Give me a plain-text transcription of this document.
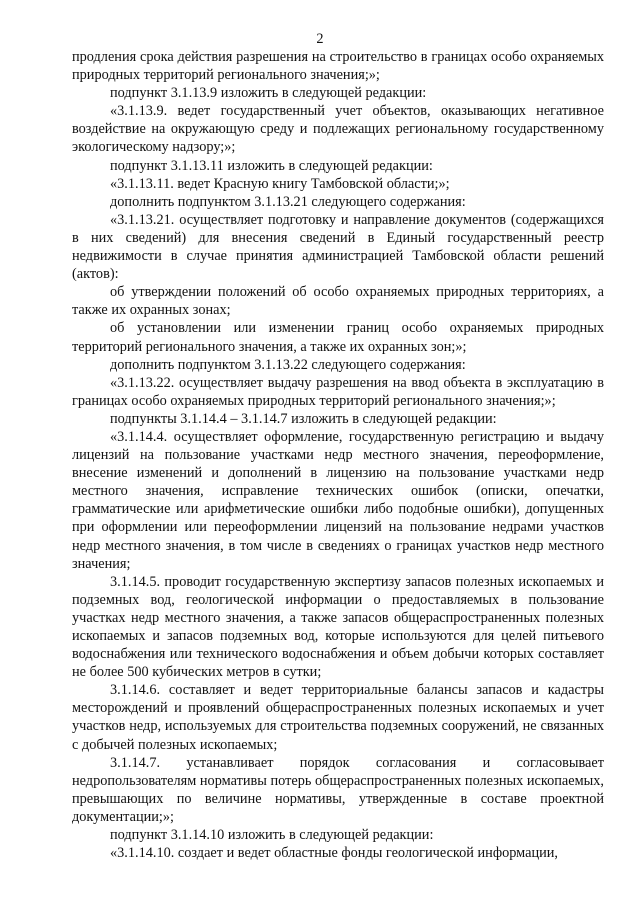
2

продления срока действия разрешения на строительство в границах особо охраняемых природных территорий регионального значения;»;

подпункт 3.1.13.9 изложить в следующей редакции:

«3.1.13.9. ведет государственный учет объектов, оказывающих негативное воздействие на окружающую среду и подлежащих региональному государственному экологическому надзору;»;

подпункт 3.1.13.11 изложить в следующей редакции:

«3.1.13.11. ведет Красную книгу Тамбовской области;»;

дополнить подпунктом 3.1.13.21 следующего содержания:

«3.1.13.21. осуществляет подготовку и направление документов (содержащихся в них сведений) для внесения сведений в Единый государственный реестр недвижимости в случае принятия администрацией Тамбовской области решений (актов):

об утверждении положений об особо охраняемых природных территориях, а также их охранных зонах;

об установлении или изменении границ особо охраняемых природных территорий регионального значения, а также их охранных зон;»;

дополнить подпунктом 3.1.13.22 следующего содержания:

«3.1.13.22. осуществляет выдачу разрешения на ввод объекта в эксплуатацию в границах особо охраняемых природных территорий регионального значения;»;

подпункты 3.1.14.4 – 3.1.14.7 изложить в следующей редакции:

«3.1.14.4. осуществляет оформление, государственную регистрацию и выдачу лицензий на пользование участками недр местного значения, переоформление, внесение изменений и дополнений в лицензию на пользование участками недр местного значения, исправление технических ошибок (описки, опечатки, грамматические или арифметические ошибки либо подобные ошибки), допущенных при оформлении или переоформлении лицензий на пользование недрами участков недр местного значения, в том числе в сведениях о границах участков недр местного значения;

3.1.14.5. проводит государственную экспертизу запасов полезных ископаемых и подземных вод, геологической информации о предоставляемых в пользование участках недр местного значения, а также запасов общераспространенных полезных ископаемых и запасов подземных вод, которые используются для целей питьевого водоснабжения или технического водоснабжения и объем добычи которых составляет не более 500 кубических метров в сутки;

3.1.14.6. составляет и ведет территориальные балансы запасов и кадастры месторождений и проявлений общераспространенных полезных ископаемых и учет участков недр, используемых для строительства подземных сооружений, не связанных с добычей полезных ископаемых;

3.1.14.7. устанавливает порядок согласования и согласовывает недропользователям нормативы потерь общераспространенных полезных ископаемых, превышающих по величине нормативы, утвержденные в составе проектной документации;»;

подпункт 3.1.14.10 изложить в следующей редакции:

«3.1.14.10. создает и ведет областные фонды геологической информации,
